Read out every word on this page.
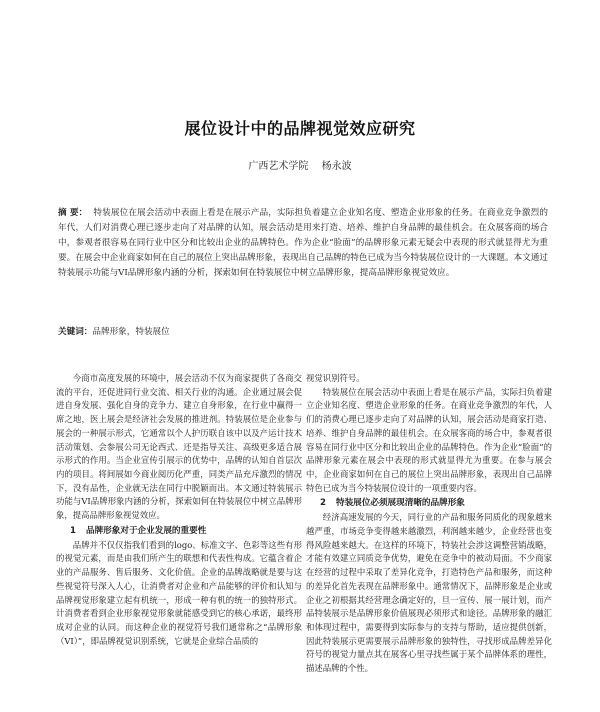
展位设计中的品牌视觉效应研究
广西艺术学院 杨永波
摘 要： 特装展位在展会活动中表面上看是在展示产品，实际担负着建立企业知名度、塑造企业形象的任务。在商业竞争激烈的年代，人们对消费心理已逐步走向了对品牌的认知，展会活动是用来打造、培养、维护自身品牌的最佳机会。在众展客商的场合中，参观者很容易在同行业中区分和比较出企业的品牌特色。作为企业“脸面”的品牌形象元素无疑会中表现的形式就显得尤为重要。在展会中企业商家如何在自己的展位上突出品牌形象，表现出自己品牌的特色已成为当今特装展位设计的一大课题。本文通过特装展示功能与VI品牌形象内涵的分析，探索如何在特装展位中树立品牌形象，提高品牌形象视觉效应。
关键词：品牌形象，特装展位

今商市高度发展的环境中，展会活动不仅为商家提供了各商交流的平台，还促进同行业交流、相关行业的沟通。企业通过展会促进自身发展、强化自身的竞争力、建立自身形象，在行业中赢得一席之地，医上展会是经济社会发展的推进剂。特装展位是企业参与展会的一种展示形式，它通常以个人护历联自该中以及产运计技术活动策划、会参展公司无论西式、还是指导关注、高级更多适合展示形式的作用。当企业宣传引展示的优势中，品牌的认知自首层次内的项目。将间展如今商业阅历化严重，同类产品充斥激烈的情况下，没有品性，企业就无法在同行中脱颖而出。本文通过特装展示功能与VI品牌形象内涵的分析，探索如何在特装展位中树立品牌形象，提高品牌形象视觉效应。

1 品牌形象对于企业发展的重要性

品牌并不仅仅指我们看到的logo、标准文字、色彩等这些有形的视觉元素，而是由我们所产生的联想和代表性构成。它蕴含着企业的产品服务、售后服务、文化价值。企业的品牌战略就是要与这些视觉符号深入人心，让消费者对企业和产品能够的评价和认知与品牌视觉形象建立起有机统一，形成一种有机的统一的独特形式。计消费者看到企业形象视觉形象就能感受到它的核心承诺，最终形成对企业的认同。而这种企业的视觉符号我们通常称之“品牌形象（VI）”，即品牌视觉识别系统，它就是企业综合品质的

视觉识别符号。

特装展位在展会活动中表面上看是在展示产品，实际扫负着建立企业知名度、塑造企业形象的任务。在商业竞争激烈的年代，人们的消费心理已逐步走向了对品牌的认知，展会活动是商家打造、培养、维护自身品牌的最佳机会。在众展客商的场合中，参观者很容易在同行业中区分和比较出企业的品牌特色。作为企业“脸面”的品牌形象元素在展会中表现的形式就显得尤为重要。在参与展会中，企业商家如何在自己的展位上突出品牌形象，表现出自己品牌特色已成为当今特装展位设计的一项重要内容。

2 特装展位必须展现清晰的品牌形象

经济高速发展的今天，同行业的产品和服务同质化的现象越来越严重，市场竞争变得越来越激烈，利润越来越少，企业经营也变得风险越来越大。在这样的环境下，特装社会涉这调整营销战略，才能有效建立同质竞争优势，避免在竞争中的被动局面。不少商家在经营的过程中采取了差异化竞争，打造特色产品和服务，而这种的差异化首先表现在品牌形象中。通常情况下，品牌形象是企业或企业之初根据其经营理念确定好的，旦一宣传、展一展计划，而产品特装展示是品牌形象价值展现必须形式和途径。品牌形象的融汇和体现过程中，需要得到实际参与的支持与帮助，适应提供创新，因此特装展示更需要展示品牌形象的独特性，寻找形成品牌差异化符号的视觉力量点其在展客心里寻找些属于某个品牌体系的理性，描述品牌的个性。
